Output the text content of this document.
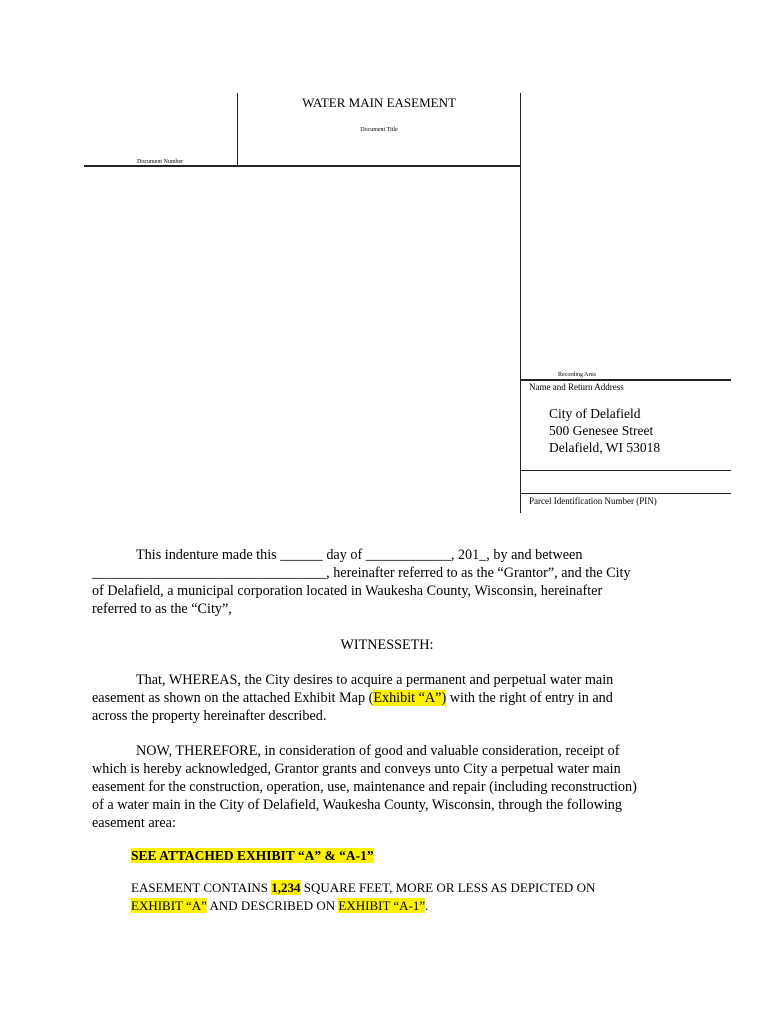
WATER MAIN EASEMENT
Document Title
Document Number
Recording Area
Name and Return Address
City of Delafield
500 Genesee Street
Delafield, WI 53018
Parcel Identification Number (PIN)
This indenture made this ______ day of ____________, 201_, by and between
_________________________________, hereinafter referred to as the “Grantor”, and the City
of Delafield, a municipal corporation located in Waukesha County, Wisconsin, hereinafter
referred to as the “City”,
WITNESSETH:
That, WHEREAS, the City desires to acquire a permanent and perpetual water main
easement as shown on the attached Exhibit Map (Exhibit “A”) with the right of entry in and
across the property hereinafter described.
NOW, THEREFORE, in consideration of good and valuable consideration, receipt of
which is hereby acknowledged, Grantor grants and conveys unto City a perpetual water main
easement for the construction, operation, use, maintenance and repair (including reconstruction)
of a water main in the City of Delafield, Waukesha County, Wisconsin, through the following
easement area:
SEE ATTACHED EXHIBIT “A” & “A-1”
EASEMENT CONTAINS 1,234 SQUARE FEET, MORE OR LESS AS DEPICTED ON
EXHIBIT “A” AND DESCRIBED ON EXHIBIT “A-1”.
